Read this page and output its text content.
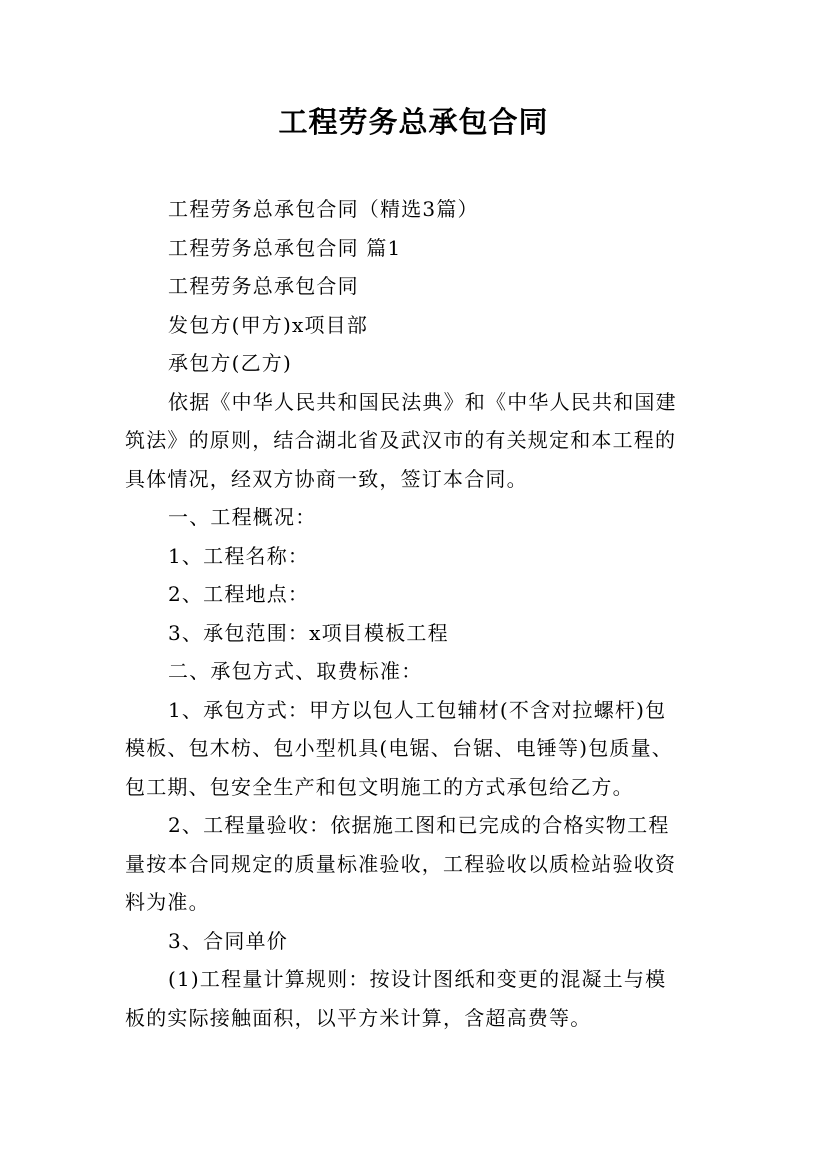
工程劳务总承包合同
工程劳务总承包合同（精选3篇）
工程劳务总承包合同 篇1
工程劳务总承包合同
发包方(甲方)x项目部
承包方(乙方)
依据《中华人民共和国民法典》和《中华人民共和国建
筑法》的原则，结合湖北省及武汉市的有关规定和本工程的
具体情况，经双方协商一致，签订本合同。
一、工程概况：
1、工程名称：
2、工程地点：
3、承包范围：x项目模板工程
二、承包方式、取费标准：
1、承包方式：甲方以包人工包辅材(不含对拉螺杆)包
模板、包木枋、包小型机具(电锯、台锯、电锤等)包质量、
包工期、包安全生产和包文明施工的方式承包给乙方。
2、工程量验收：依据施工图和已完成的合格实物工程
量按本合同规定的质量标准验收，工程验收以质检站验收资
料为准。
3、合同单价
(1)工程量计算规则：按设计图纸和变更的混凝土与模
板的实际接触面积，以平方米计算，含超高费等。
